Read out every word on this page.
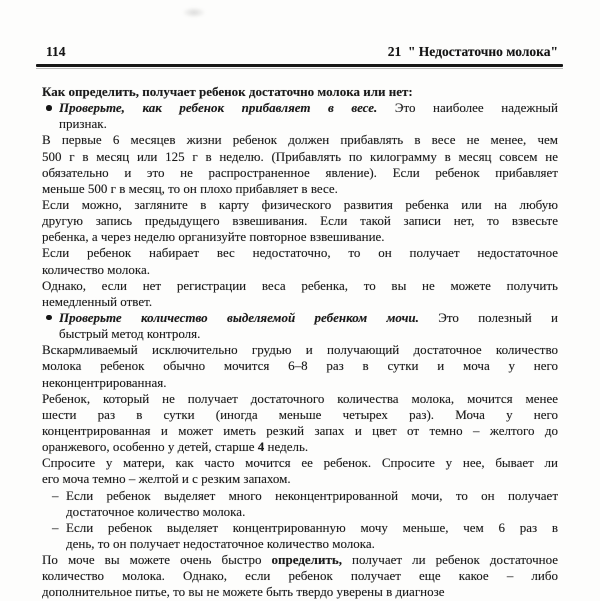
114	21  " Недостаточно молока"
Как определить, получает ребенок достаточно молока или нет:
Проверьте, как ребенок прибавляет в весе. Это наиболее надежный
признак.
В первые 6 месяцев жизни ребенок должен прибавлять в весе не менее, чем
500 г в месяц или 125 г в неделю. (Прибавлять по килограмму в месяц совсем не
обязательно и это не распространенное явление). Если ребенок прибавляет
меньше 500 г в месяц, то он плохо прибавляет в весе.
Если можно, загляните в карту физического развития ребенка или на любую
другую запись предыдущего взвешивания. Если такой записи нет, то взвесьте
ребенка, а через неделю организуйте повторное взвешивание.
Если ребенок набирает вес недостаточно, то он получает недостаточное
количество молока.
Однако, если нет регистрации веса ребенка, то вы не можете получить
немедленный ответ.
Проверьте количество выделяемой ребенком мочи. Это полезный и
быстрый метод контроля.
Вскармливаемый исключительно грудью и получающий достаточное количество
молока ребенок обычно мочится 6–8 раз в сутки и моча у него
неконцентрированная.
Ребенок, который не получает достаточного количества молока, мочится менее
шести раз в сутки (иногда меньше четырех раз). Моча у него
концентрированная и может иметь резкий запах и цвет от темно – желтого до
оранжевого, особенно у детей, старше 4 недель.
Спросите у матери, как часто мочится ее ребенок. Спросите у нее, бывает ли
его моча темно – желтой и с резким запахом.
– Если ребенок выделяет много неконцентрированной мочи, то он получает
достаточное количество молока.
– Если ребенок выделяет концентрированную мочу меньше, чем 6 раз в
день, то он получает недостаточное количество молока.
По моче вы можете очень быстро определить, получает ли ребенок достаточное
количество молока. Однако, если ребенок получает еще какое – либо
дополнительное питье, то вы не можете быть твердо уверены в диагнозе
